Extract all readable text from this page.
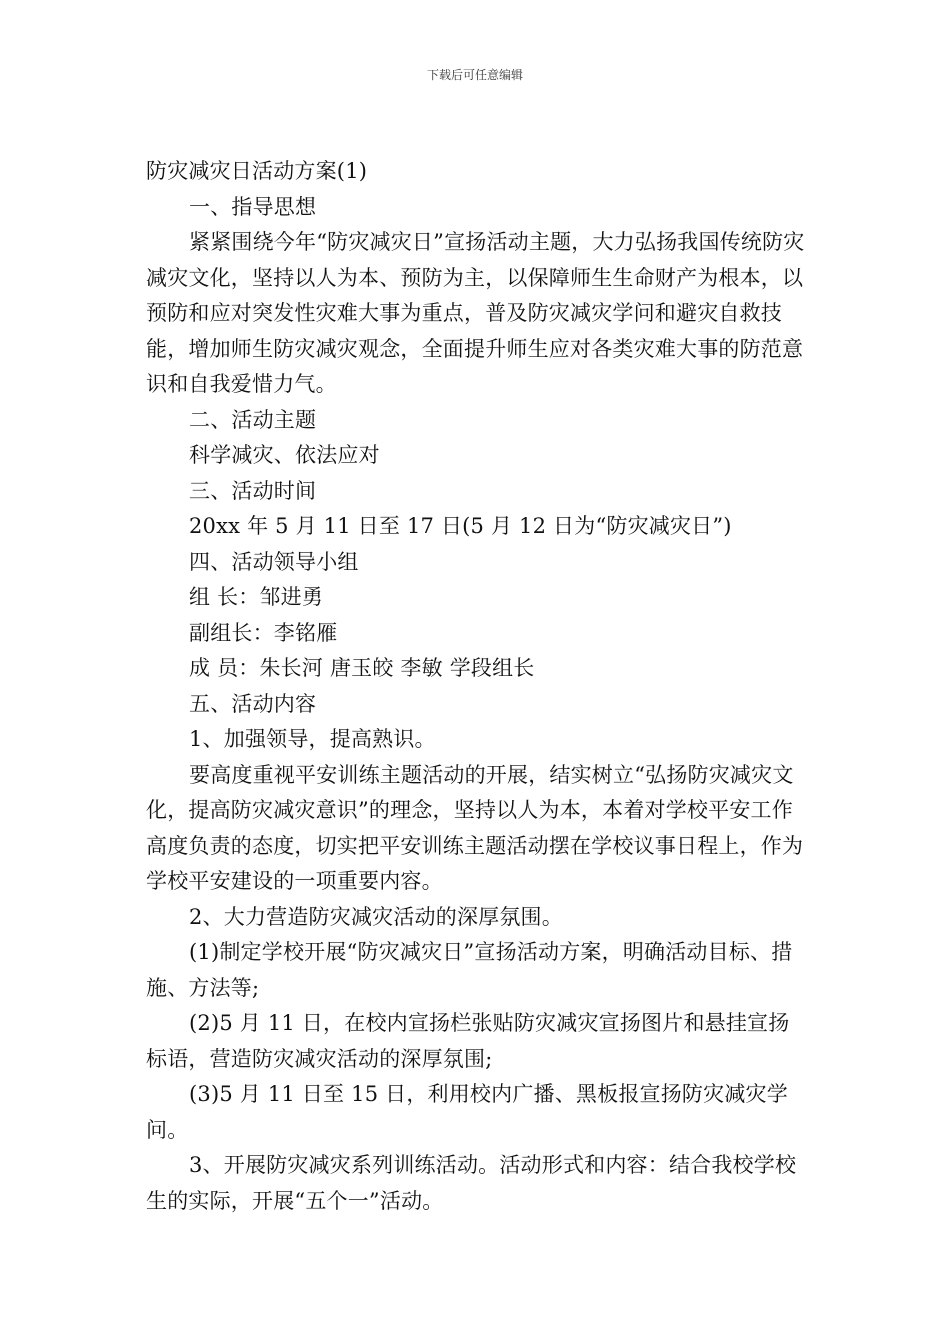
下载后可任意编辑

防灾减灾日活动方案(1)

一、指导思想

紧紧围绕今年“防灾减灾日”宣扬活动主题，大力弘扬我国传统防灾减灾文化，坚持以人为本、预防为主，以保障师生生命财产为根本，以预防和应对突发性灾难大事为重点，普及防灾减灾学问和避灾自救技能，增加师生防灾减灾观念，全面提升师生应对各类灾难大事的防范意识和自我爱惜力气。

二、活动主题

科学减灾、依法应对

三、活动时间

20xx 年 5 月 11 日至 17 日(5 月 12 日为“防灾减灾日”)

四、活动领导小组

组 长：邹进勇

副组长：李铭雁

成 员：朱长河 唐玉皎 李敏 学段组长

五、活动内容

1、加强领导，提高熟识。

要高度重视平安训练主题活动的开展，结实树立“弘扬防灾减灾文化，提高防灾减灾意识”的理念，坚持以人为本，本着对学校平安工作高度负责的态度，切实把平安训练主题活动摆在学校议事日程上，作为学校平安建设的一项重要内容。

2、大力营造防灾减灾活动的深厚氛围。

(1)制定学校开展“防灾减灾日”宣扬活动方案，明确活动目标、措施、方法等;

(2)5 月 11 日，在校内宣扬栏张贴防灾减灾宣扬图片和悬挂宣扬标语，营造防灾减灾活动的深厚氛围;

(3)5 月 11 日至 15 日，利用校内广播、黑板报宣扬防灾减灾学问。

3、开展防灾减灾系列训练活动。活动形式和内容：结合我校学校生的实际，开展“五个一”活动。
